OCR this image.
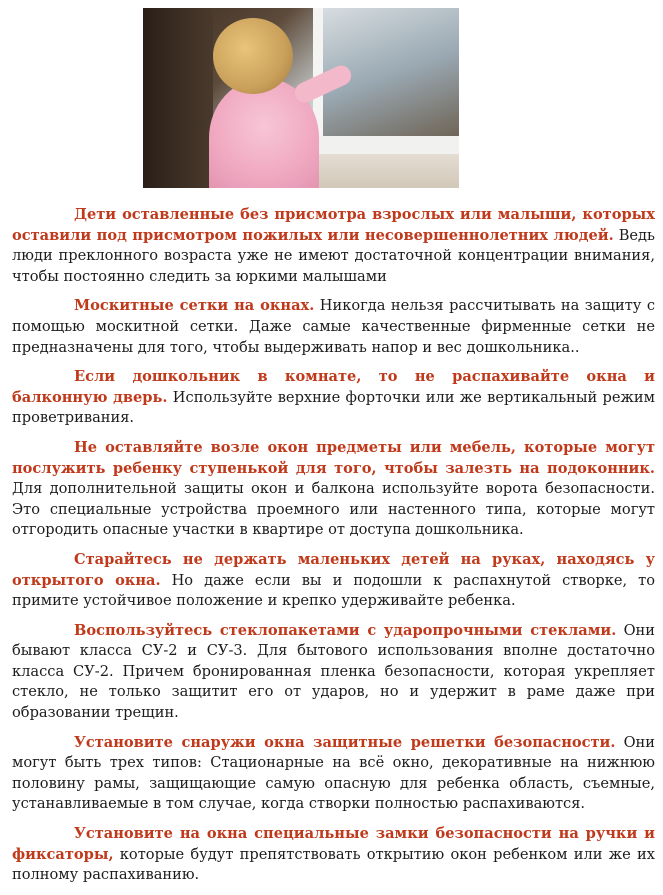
Дети оставленные без присмотра взрослых или малыши, которых оставили под присмотром пожилых или несовершеннолетних людей. Ведь люди преклонного возраста уже не имеют достаточной концентрации внимания, чтобы постоянно следить за юркими малышами

Москитные сетки на окнах. Никогда нельзя рассчитывать на защиту с помощью москитной сетки. Даже самые качественные фирменные сетки не предназначены для того, чтобы выдерживать напор и вес дошкольника..

Если дошкольник в комнате, то не распахивайте окна и балконную дверь. Используйте верхние форточки или же вертикальный режим проветривания.

Не оставляйте возле окон предметы или мебель, которые могут послужить ребенку ступенькой для того, чтобы залезть на подоконник. Для дополнительной защиты окон и балкона используйте ворота безопасности. Это специальные устройства проемного или настенного типа, которые могут отгородить опасные участки в квартире от доступа дошкольника.

Старайтесь не держать маленьких детей на руках, находясь у открытого окна. Но даже если вы и подошли к распахнутой створке, то примите устойчивое положение и крепко удерживайте ребенка.

Воспользуйтесь стеклопакетами с ударопрочными стеклами. Они бывают класса СУ-2 и СУ-3. Для бытового использования вполне достаточно класса СУ-2. Причем бронированная пленка безопасности, которая укрепляет стекло, не только защитит его от ударов, но и удержит в раме даже при образовании трещин.

Установите снаружи окна защитные решетки безопасности. Они могут быть трех типов: Стационарные на всё окно, декоративные на нижнюю половину рамы, защищающие самую опасную для ребенка область, съемные, устанавливаемые в том случае, когда створки полностью распахиваются.

Установите на окна специальные замки безопасности на ручки и фиксаторы, которые будут препятствовать открытию окон ребенком или же их полному распахиванию.
